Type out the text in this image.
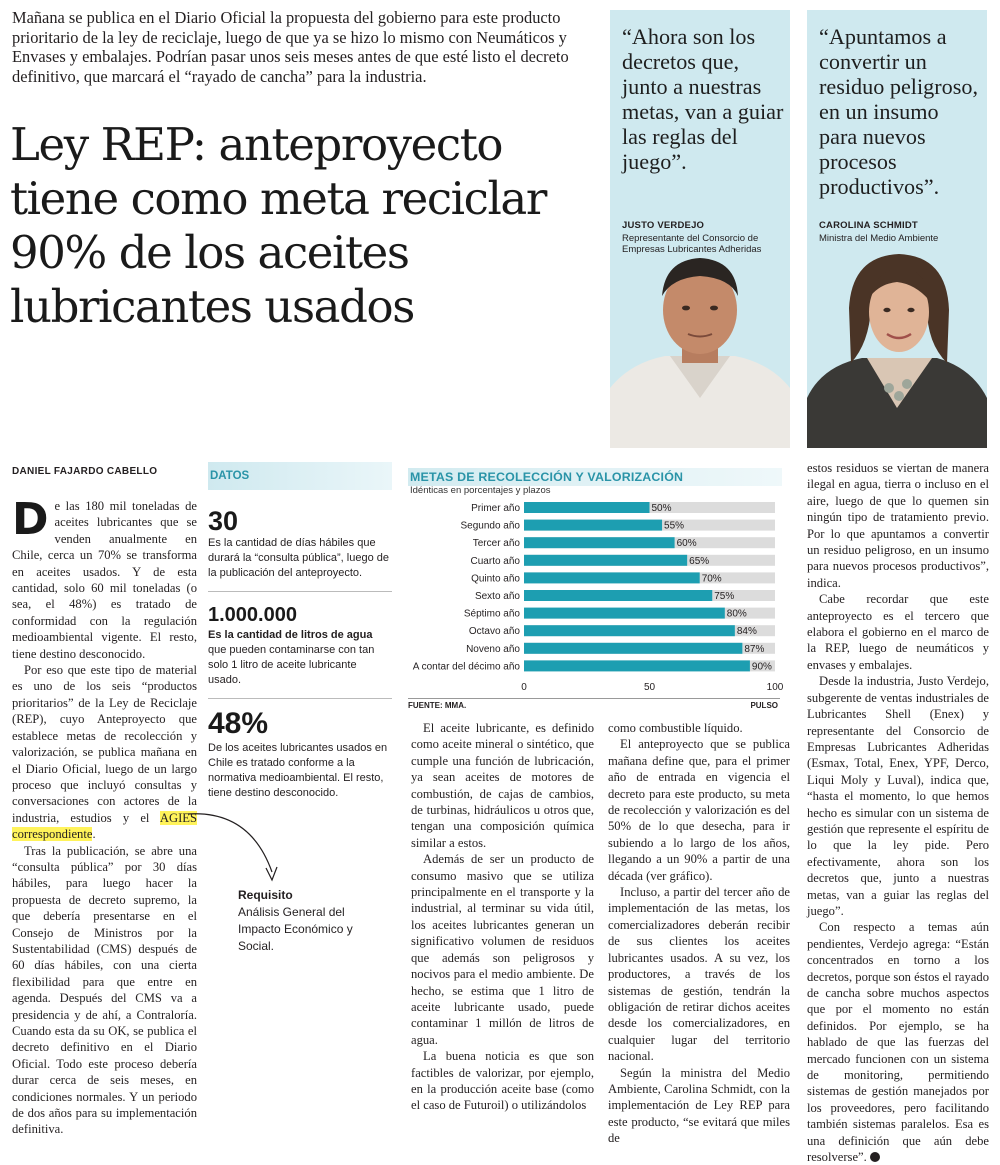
Mañana se publica en el Diario Oficial la propuesta del gobierno para este producto prioritario de la ley de reciclaje, luego de que ya se hizo lo mismo con Neumáticos y Envases y embalajes. Podrían pasar unos seis meses antes de que esté listo el decreto definitivo, que marcará el “rayado de cancha” para la industria.

Ley REP: anteproyecto tiene como meta reciclar 90% de los aceites lubricantes usados

“Ahora son los decretos que, junto a nuestras metas, van a guiar las reglas del juego”.

JUSTO VERDEJO
Representante del Consorcio de Empresas Lubricantes Adheridas

“Apuntamos a convertir un residuo peligroso, en un insumo para nuevos procesos productivos”.

CAROLINA SCHMIDT
Ministra del Medio Ambiente
DANIEL FAJARDO CABELLO

De las 180 mil toneladas de aceites lubricantes que se venden anualmente en Chile, cerca un 70% se transforma en aceites usados. Y de esta cantidad, solo 60 mil toneladas (o sea, el 48%) es tratado de conformidad con la regulación medioambiental vigente. El resto, tiene destino desconocido.

Por eso que este tipo de material es uno de los seis “productos prioritarios” de la Ley de Reciclaje (REP), cuyo Anteproyecto que establece metas de recolección y valorización, se publica mañana en el Diario Oficial, luego de un largo proceso que incluyó consultas y conversaciones con actores de la industria, estudios y el AGIES correspondiente.

Tras la publicación, se abre una “consulta pública” por 30 días hábiles, para luego hacer la propuesta de decreto supremo, la que debería presentarse en el Consejo de Ministros por la Sustentabilidad (CMS) después de 60 días hábiles, con una cierta flexibilidad para que entre en agenda. Después del CMS va a presidencia y de ahí, a Contraloría. Cuando esta da su OK, se publica el decreto definitivo en el Diario Oficial. Todo este proceso debería durar cerca de seis meses, en condiciones normales. Y un periodo de dos años para su implementación definitiva.

DATOS
30
Es la cantidad de días hábiles que durará la “consulta pública”, luego de la publicación del anteproyecto.
1.000.000
Es la cantidad de litros de agua que pueden contaminarse con tan solo 1 litro de aceite lubricante usado.
48%
De los aceites lubricantes usados en Chile es tratado conforme a la normativa medioambiental. El resto, tiene destino desconocido.
METAS DE RECOLECCIÓN Y VALORIZACIÓN
Idénticas en porcentajes y plazos
Primer año	50%
Segundo año	55%
Tercer año	60%
Cuarto año	65%
Quinto año	70%
Sexto año	75%
Séptimo año	80%
Octavo año	84%
Noveno año	87%
A contar del décimo año	90%
0	50	100
FUENTE: MMA.	PULSO
Requisito
Análisis General del Impacto Económico y Social.

El aceite lubricante, es definido como aceite mineral o sintético, que cumple una función de lubricación, ya sean aceites de motores de combustión, de cajas de cambios, de turbinas, hidráulicos u otros que, tengan una composición química similar a estos.

Además de ser un producto de consumo masivo que se utiliza principalmente en el transporte y la industrial, al terminar su vida útil, los aceites lubricantes generan un significativo volumen de residuos que además son peligrosos y nocivos para el medio ambiente. De hecho, se estima que 1 litro de aceite lubricante usado, puede contaminar 1 millón de litros de agua.

La buena noticia es que son factibles de valorizar, por ejemplo, en la producción aceite base (como el caso de Futuroil) o utilizándolos

como combustible líquido.

El anteproyecto que se publica mañana define que, para el primer año de entrada en vigencia el decreto para este producto, su meta de recolección y valorización es del 50% de lo que desecha, para ir subiendo a lo largo de los años, llegando a un 90% a partir de una década (ver gráfico).

Incluso, a partir del tercer año de implementación de las metas, los comercializadores deberán recibir de sus clientes los aceites lubricantes usados. A su vez, los productores, a través de los sistemas de gestión, tendrán la obligación de retirar dichos aceites desde los comercializadores, en cualquier lugar del territorio nacional.

Según la ministra del Medio Ambiente, Carolina Schmidt, con la implementación de Ley REP para este producto, “se evitará que miles de

estos residuos se viertan de manera ilegal en agua, tierra o incluso en el aire, luego de que lo quemen sin ningún tipo de tratamiento previo. Por lo que apuntamos a convertir un residuo peligroso, en un insumo para nuevos procesos productivos”, indica.

Cabe recordar que este anteproyecto es el tercero que elabora el gobierno en el marco de la REP, luego de neumáticos y envases y embalajes.

Desde la industria, Justo Verdejo, subgerente de ventas industriales de Lubricantes Shell (Enex) y representante del Consorcio de Empresas Lubricantes Adheridas (Esmax, Total, Enex, YPF, Derco, Liqui Moly y Luval), indica que, “hasta el momento, lo que hemos hecho es simular con un sistema de gestión que represente el espíritu de lo que la ley pide. Pero efectivamente, ahora son los decretos que, junto a nuestras metas, van a guiar las reglas del juego”.

Con respecto a temas aún pendientes, Verdejo agrega: “Están concentrados en torno a los decretos, porque son éstos el rayado de cancha sobre muchos aspectos que por el momento no están definidos. Por ejemplo, se ha hablado de que las fuerzas del mercado funcionen con un sistema de monitoring, permitiendo sistemas de gestión manejados por los proveedores, pero facilitando también sistemas paralelos. Esa es una definición que aún debe resolverse”.
